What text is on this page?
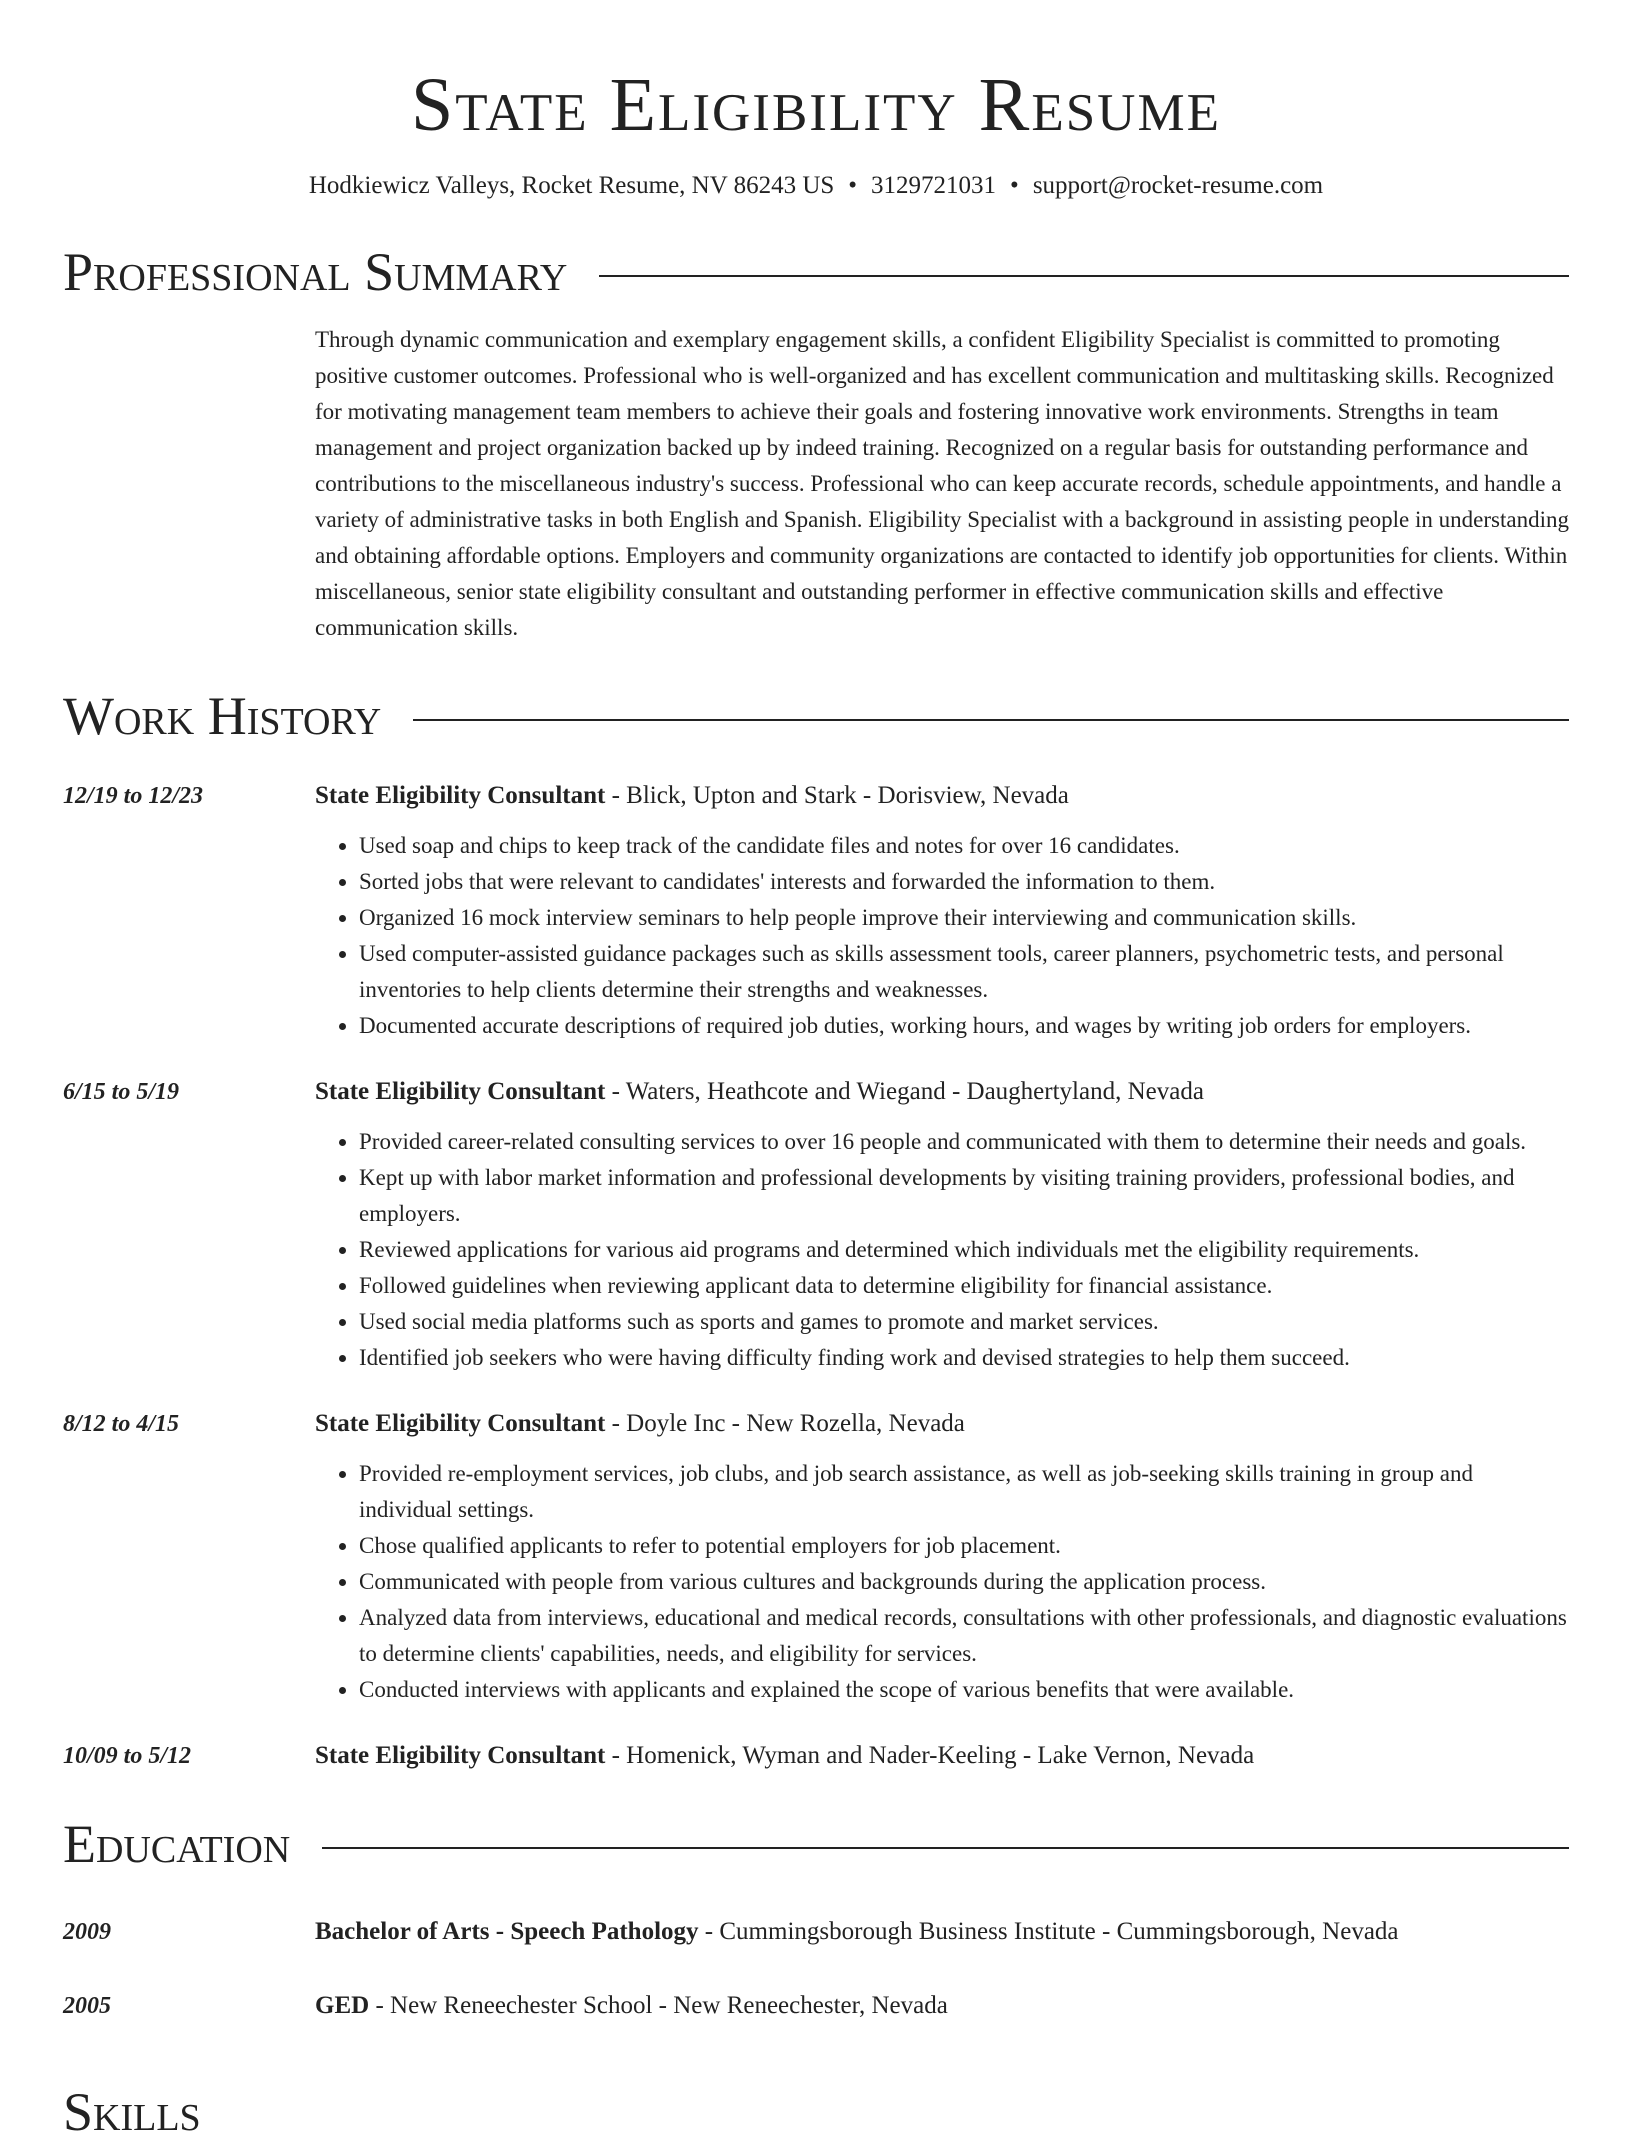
State Eligibility Resume
Hodkiewicz Valleys, Rocket Resume, NV 86243 US • 3129721031 • support@rocket-resume.com
Professional Summary
Through dynamic communication and exemplary engagement skills, a confident Eligibility Specialist is committed to promoting positive customer outcomes. Professional who is well-organized and has excellent communication and multitasking skills. Recognized for motivating management team members to achieve their goals and fostering innovative work environments. Strengths in team management and project organization backed up by indeed training. Recognized on a regular basis for outstanding performance and contributions to the miscellaneous industry's success. Professional who can keep accurate records, schedule appointments, and handle a variety of administrative tasks in both English and Spanish. Eligibility Specialist with a background in assisting people in understanding and obtaining affordable options. Employers and community organizations are contacted to identify job opportunities for clients. Within miscellaneous, senior state eligibility consultant and outstanding performer in effective communication skills and effective communication skills.
Work History
12/19 to 12/23	State Eligibility Consultant - Blick, Upton and Stark - Dorisview, Nevada
• Used soap and chips to keep track of the candidate files and notes for over 16 candidates.
• Sorted jobs that were relevant to candidates' interests and forwarded the information to them.
• Organized 16 mock interview seminars to help people improve their interviewing and communication skills.
• Used computer-assisted guidance packages such as skills assessment tools, career planners, psychometric tests, and personal inventories to help clients determine their strengths and weaknesses.
• Documented accurate descriptions of required job duties, working hours, and wages by writing job orders for employers.
6/15 to 5/19	State Eligibility Consultant - Waters, Heathcote and Wiegand - Daughertyland, Nevada
• Provided career-related consulting services to over 16 people and communicated with them to determine their needs and goals.
• Kept up with labor market information and professional developments by visiting training providers, professional bodies, and employers.
• Reviewed applications for various aid programs and determined which individuals met the eligibility requirements.
• Followed guidelines when reviewing applicant data to determine eligibility for financial assistance.
• Used social media platforms such as sports and games to promote and market services.
• Identified job seekers who were having difficulty finding work and devised strategies to help them succeed.
8/12 to 4/15	State Eligibility Consultant - Doyle Inc - New Rozella, Nevada
• Provided re-employment services, job clubs, and job search assistance, as well as job-seeking skills training in group and individual settings.
• Chose qualified applicants to refer to potential employers for job placement.
• Communicated with people from various cultures and backgrounds during the application process.
• Analyzed data from interviews, educational and medical records, consultations with other professionals, and diagnostic evaluations to determine clients' capabilities, needs, and eligibility for services.
• Conducted interviews with applicants and explained the scope of various benefits that were available.
10/09 to 5/12	State Eligibility Consultant - Homenick, Wyman and Nader-Keeling - Lake Vernon, Nevada
Education
2009	Bachelor of Arts - Speech Pathology - Cummingsborough Business Institute - Cummingsborough, Nevada
2005	GED - New Reneechester School - New Reneechester, Nevada
Skills
